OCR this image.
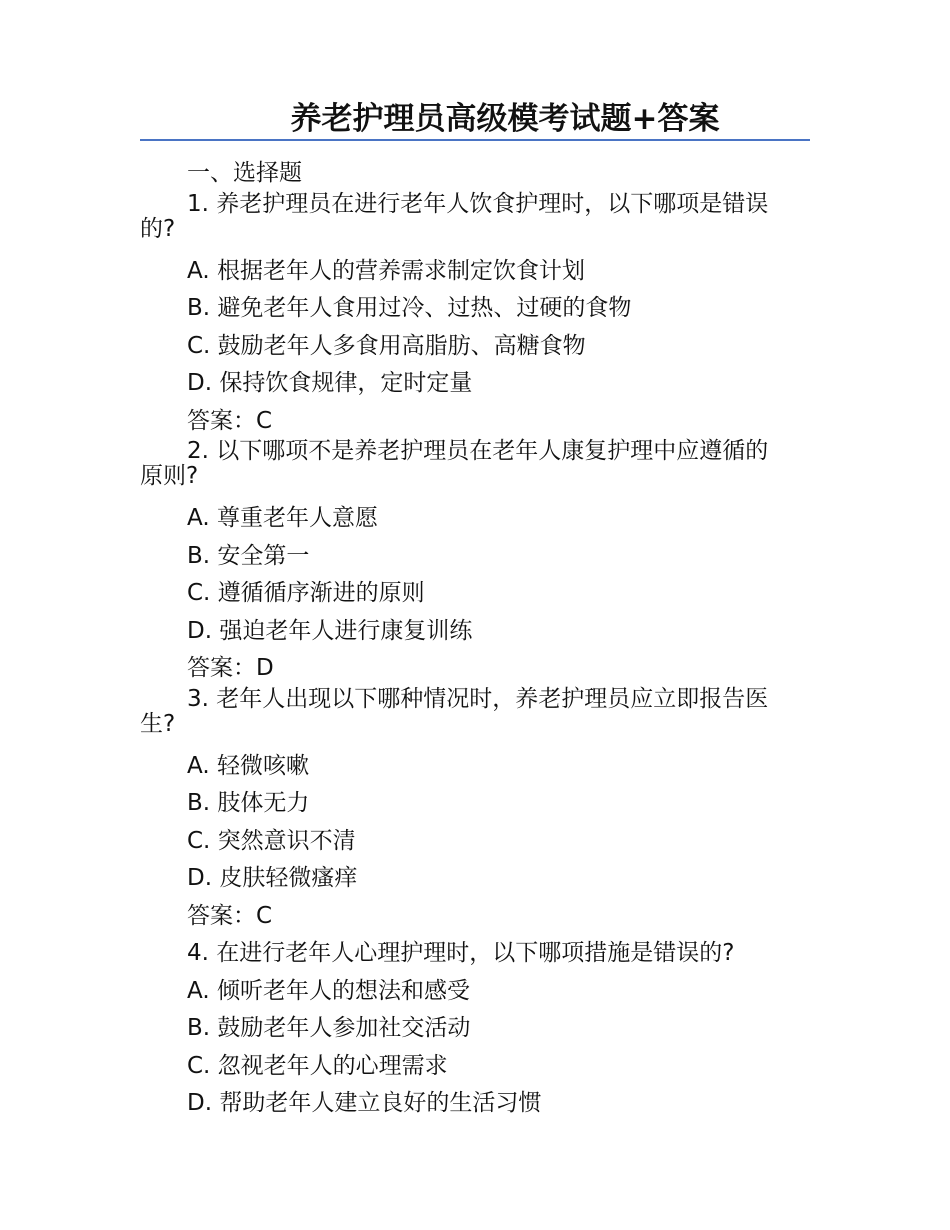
养老护理员高级模考试题+答案
一、选择题
1. 养老护理员在进行老年人饮食护理时，以下哪项是错误
的?
A. 根据老年人的营养需求制定饮食计划
B. 避免老年人食用过冷、过热、过硬的食物
C. 鼓励老年人多食用高脂肪、高糖食物
D. 保持饮食规律，定时定量
答案：C
2. 以下哪项不是养老护理员在老年人康复护理中应遵循的
原则?
A. 尊重老年人意愿
B. 安全第一
C. 遵循循序渐进的原则
D. 强迫老年人进行康复训练
答案：D
3. 老年人出现以下哪种情况时，养老护理员应立即报告医
生?
A. 轻微咳嗽
B. 肢体无力
C. 突然意识不清
D. 皮肤轻微瘙痒
答案：C
4. 在进行老年人心理护理时，以下哪项措施是错误的?
A. 倾听老年人的想法和感受
B. 鼓励老年人参加社交活动
C. 忽视老年人的心理需求
D. 帮助老年人建立良好的生活习惯
